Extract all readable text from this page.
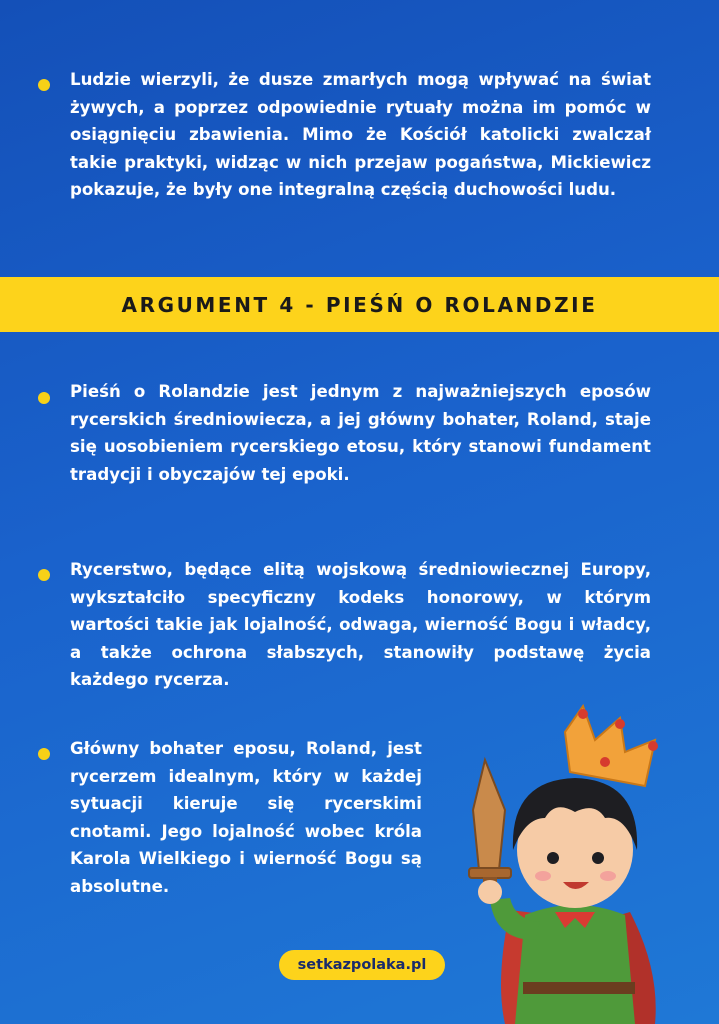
Ludzie wierzyli, że dusze zmarłych mogą wpływać na świat żywych, a poprzez odpowiednie rytuały można im pomóc w osiągnięciu zbawienia. Mimo że Kościół katolicki zwalczał takie praktyki, widząc w nich przejaw pogaństwa, Mickiewicz pokazuje, że były one integralną częścią duchowości ludu.

ARGUMENT 4 - PIEŚŃ O ROLANDZIE

Pieśń o Rolandzie jest jednym z najważniejszych eposów rycerskich średniowiecza, a jej główny bohater, Roland, staje się uosobieniem rycerskiego etosu, który stanowi fundament tradycji i obyczajów tej epoki.

Rycerstwo, będące elitą wojskową średniowiecznej Europy, wykształciło specyficzny kodeks honorowy, w którym wartości takie jak lojalność, odwaga, wierność Bogu i władcy, a także ochrona słabszych, stanowiły podstawę życia każdego rycerza.

Główny bohater eposu, Roland, jest rycerzem idealnym, który w każdej sytuacji kieruje się rycerskimi cnotami. Jego lojalność wobec króla Karola Wielkiego i wierność Bogu są absolutne.

setkazpolaka.pl
